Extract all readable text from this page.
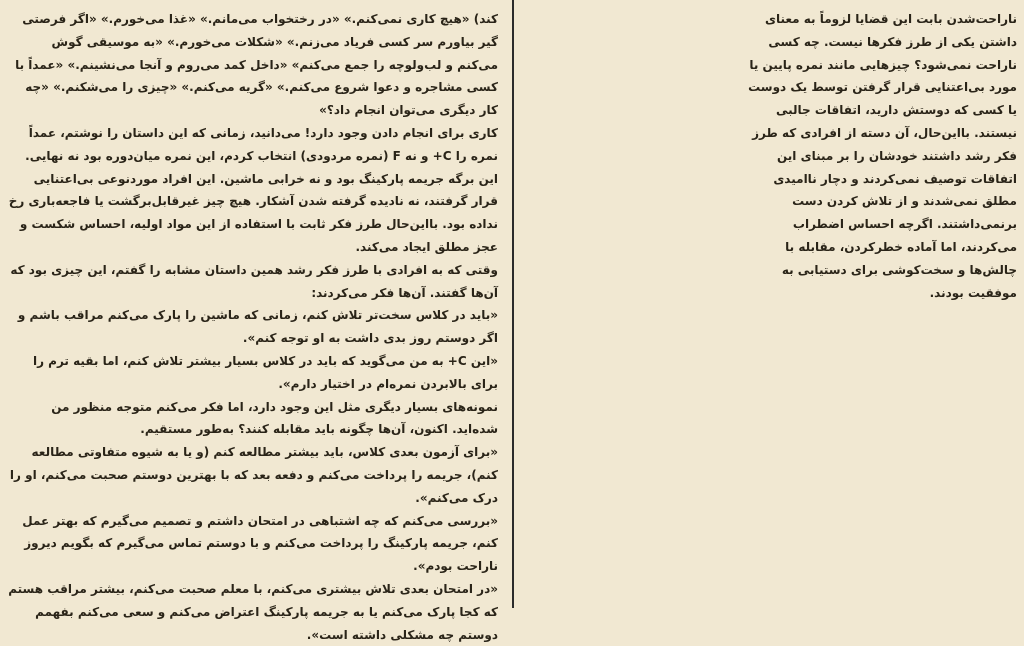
ناراحت‌شدن بابت این قضایا لزوماً به معنای داشتن یکی از طرز فکرها نیست. چه کسی ناراحت نمی‌شود؟ چیزهایی مانند نمره پایین یا مورد بی‌اعتنایی قرار گرفتن توسط یک دوست یا کسی که دوستش دارید، اتفاقات جالبی نیستند. بااین‌حال، آن دسته از افرادی که طرز فکر رشد داشتند خودشان را بر مبنای این اتفاقات توصیف نمی‌کردند و دچار ناامیدی مطلق نمی‌شدند و از تلاش کردن دست برنمی‌داشتند. اگرچه احساس اضطراب می‌کردند، اما آماده خطرکردن، مقابله با چالش‌ها و سخت‌کوشی برای دستیابی به موفقیت بودند.

کند) «هیچ کاری نمی‌کنم.» «در رختخواب می‌مانم.» «غذا می‌خورم.» «اگر فرصتی گیر بیاورم سر کسی فریاد می‌زنم.» «شکلات می‌خورم.» «به موسیقی گوش می‌کنم و لب‌ولوچه را جمع می‌کنم» «داخل کمد می‌روم و آنجا می‌نشینم.» «عمداً با کسی مشاجره و دعوا شروع می‌کنم.» «گریه می‌کنم.» «چیزی را می‌شکنم.» «چه کار دیگری می‌توان انجام داد؟»

کاری برای انجام دادن وجود دارد! می‌دانید، زمانی که این داستان را نوشتم، عمداً نمره را C+ و نه F (نمره مردودی) انتخاب کردم، این نمره میان‌دوره بود نه نهایی. این برگه جریمه پارکینگ بود و نه خرابی ماشین. این افراد موردنوعی بی‌اعتنایی قرار گرفتند، نه نادیده گرفته شدن آشکار. هیچ چیز غیرقابل‌برگشت یا فاجعه‌باری رخ نداده بود. بااین‌حال طرز فکر ثابت با استفاده از این مواد اولیه، احساس شکست و عجز مطلق ایجاد می‌کند.

وقتی که به افرادی با طرز فکر رشد همین داستان مشابه را گفتم، این چیزی بود که آن‌ها گفتند. آن‌ها فکر می‌کردند:

«باید در کلاس سخت‌تر تلاش کنم، زمانی که ماشین را پارک می‌کنم مراقب باشم و اگر دوستم روز بدی داشت به او توجه کنم».

«این C+ به من می‌گوید که باید در کلاس بسیار بیشتر تلاش کنم، اما بقیه ترم را برای بالابردن نمره‌ام در اختیار دارم».

نمونه‌های بسیار دیگری مثل این وجود دارد، اما فکر می‌کنم متوجه منظور من شده‌اید. اکنون، آن‌ها چگونه باید مقابله کنند؟ به‌طور مستقیم.

«برای آزمون بعدی کلاس، باید بیشتر مطالعه کنم (و یا به شیوه متفاوتی مطالعه کنم)، جریمه را پرداخت می‌کنم و دفعه بعد که با بهترین دوستم صحبت می‌کنم، او را درک می‌کنم».

«بررسی می‌کنم که چه اشتباهی در امتحان داشتم و تصمیم می‌گیرم که بهتر عمل کنم، جریمه پارکینگ را پرداخت می‌کنم و با دوستم تماس می‌گیرم که بگویم دیروز ناراحت بودم».

«در امتحان بعدی تلاش بیشتری می‌کنم، با معلم صحبت می‌کنم، بیشتر مراقب هستم که کجا پارک می‌کنم یا به جریمه پارکینگ اعتراض می‌کنم و سعی می‌کنم بفهمم دوستم چه مشکلی داشته است».
